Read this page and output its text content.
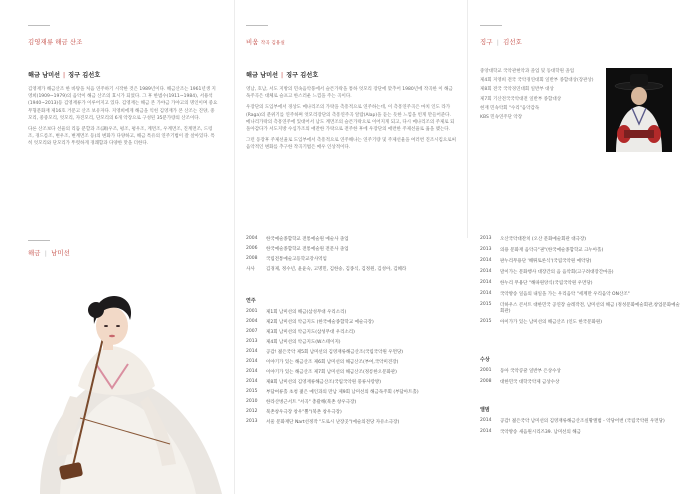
김영재류 해금 산조
해금 남미선 | 징구 김선호

김영재가 해금산조 한 바탕을 처음 연주하기 시작한 것은 1989년이다. 해금산조는 1961년생 지영희(1909~1979)의 음악이 해금 산조의 효시가 되었다. 그 후 한범수(1911~1984), 서용석(1940~2013)등 김영재류가 이루어지고 있다. 김영재는 해금 본 가야금 가야고의 명인이며 중요무형문화재 제16호 거문고 산조 보유자다. 지영희에게 해금을 익힌 김영재가 본 산조는 진양, 중모리, 중중모리, 엇모리, 자진모리, 단모리의 6개 악장으로 구성된 35분가량의 산조이다.

다른 산조보다 선율의 리듬 분할과 조(調)우조, 평조, 평우조, 계면조, 우계면조, 진계면조, 드렁조, 경드름조, 변우조, 변계면조 등)의 변화가 다양하고, 해금 특유의 연주기법이 잘 살아있다. 특히 엇모리와 단모리가 뚜렷하게 경쾌함과 다양한 맛을 더한다.

해금 | 남미선
비움 작곡 김용실
해금 남미선 | 징구 김선호

영남, 호남, 서도 지방의 민속음악풍에서 슬픈가락을 통하 엇모리 장단에 맞추어 1980년에 작곡한 이 해금 독주곡은 대체로 슬프고 한스러운 느낌을 주는 곡이다.

우장단의 도입부에서 경상도 메나리조의 가락을 측흥적으로 연주하는데, 이 측흥연주곡은 마치 인도 라가(Raga)의 분위기를 연주하며 엇모리장단의 측흥연주곡 알랍(Alap)을 듣는 듯한 느낌을 빈게 만들어준다. 메나리가락의 측흥연주에 있대어서 남도 계면조의 슬픈가락으로 이어지게 되고, 다시 메나리조의 주제로 되돌아감다가 서도지방 수심가조의 애잔한 가락으로 전주한 후에 우장단의 애련한 주제선율로 옮을 맺는다.

그런 동장후 주제선율로 도입부에서 측흥적으로 연주해나는 연주기량 및 주제선율을 여러번 진조시킴으로써 음악적인 변화를 추구한 작곡기법은 매우 인상적이다.

2004	한국예술종합학교 전통예술원 예술사 졸업
2006	한국예술종합학교 전통예술원 전문사 졸업
2008	국립전통예술고등학교강사역임
사사	김경제, 정수년, 윤윤숙, 고명민, 김한숭, 김종식, 김정원, 김성아, 김혜라
연주
2001	제1회 남미선의 해금(삼성무대 우리소리)
2004	제2회 남미선의 악금지도 (한국예술종합학교 예술극장)
2007	제3회 남미선의 악금지도(삼성무대 우리소리)
2013	제4회 남미선의 악금지도(W스테이지)
2014	공감! 젊은국악 제5회 남미선의 김영재류해금산조(국립국악원 우면당)
2014	이야기가 있는 해금산조 제6회 남미선의 해금산조(부여,국악미견장)
2014	이야기가 있는 해금산조 제7회 남미선의 해금산조(정릉한오문화관)
2014	제8회 남미선의 김영재류해금산조(국립국악원 풍류사랑방)
2015	부담여류홀 초청 젊은 예인과의 만남 제9회 남미선의 해금독주회 (부담아트홀)
2010	한라산벙근서트 "서곡" 총괄해(북촌 창우극장)
2012	북촌창우극장 창우"뿔"(북촌 창우극장)
2013	서울 문화재단 Nart선정작 "도로시 난장곳"(예술의전당 자유소극장)
징구 | 김선호

중앙대학교 국악관현악과 졸업 및 동대학원 졸업

제4회 지영희 전국 국악경연대회 일반부 종합대상(장관상)

제8회 전국 국악경연대회 일반부 대상

제7회 기산전국국악대전 일반부 종합대상

현재 민속악회 "수리"음악감독

KBS 민속연주단 악장

2013	오산국악대잔치 (오산 문화예술회관 대극장)
2013	의용 문화재 음악극"권"(한국예술종합학교 크누아홀)
2014	판누리무용단 '해뛰토론식'(국립국악원 예악당)
2014	말이가는 문화행사 대장간의 음 음악회(고구려대장간마을)
2014	한누리 무용단 "해따원앙식(국립국악원 우면당)
2014	국악방송 일음의 내일을 가는 우리음악 "세계만 우리음악 ON산조"
2015	더하우스 콘서트 대한민국 공연장 슬레작전, 남미선의 해금 (정성문화예술회관,창업문화예술회관)
2015	아이가가 있는 남미선의 해금산조 (인도 한국문화원)
수상
2001	동아 국악콩쿨 일반부 은상수상
2008	대한민국 대학국악제 금상수상
앨범
2014	공감! 젊은국악 남미선의 김영재류해금산조실황앨범 - 악당어번 (국립국악원 우면당)
2014	국악방송 새음원시리즈39. 남미선의 해금
